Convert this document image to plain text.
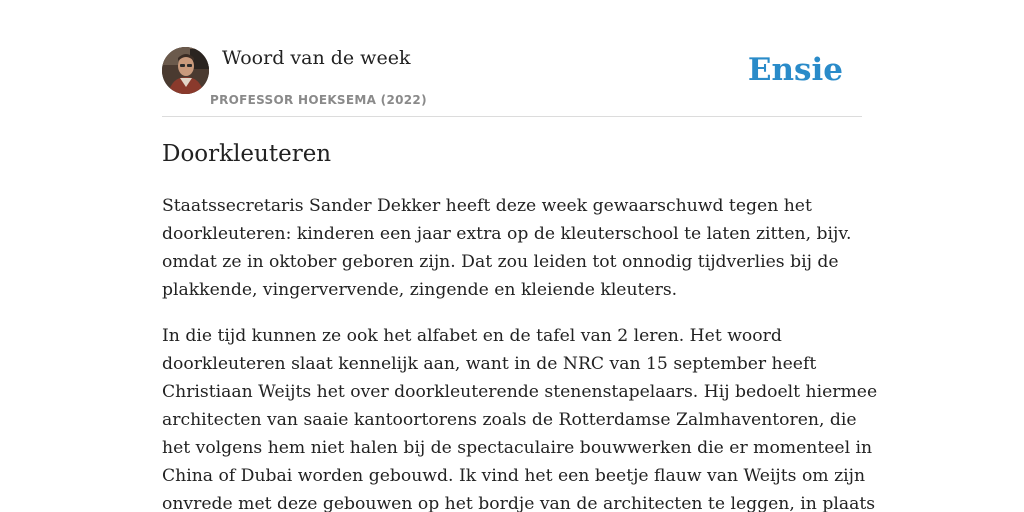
Woord van de week
PROFESSOR HOEKSEMA (2022)
Ensie
Doorkleuteren

Staatssecretaris Sander Dekker heeft deze week gewaarschuwd tegen het
doorkleuteren: kinderen een jaar extra op de kleuterschool te laten zitten, bijv.
omdat ze in oktober geboren zijn. Dat zou leiden tot onnodig tijdverlies bij de
plakkende, vingervervende, zingende en kleiende kleuters.

In die tijd kunnen ze ook het alfabet en de tafel van 2 leren. Het woord
doorkleuteren slaat kennelijk aan, want in de NRC van 15 september heeft
Christiaan Weijts het over doorkleuterende stenenstapelaars. Hij bedoelt hiermee
architecten van saaie kantoortorens zoals de Rotterdamse Zalmhaventoren, die
het volgens hem niet halen bij de spectaculaire bouwwerken die er momenteel in
China of Dubai worden gebouwd. Ik vind het een beetje flauw van Weijts om zijn
onvrede met deze gebouwen op het bordje van de architecten te leggen, in plaats
